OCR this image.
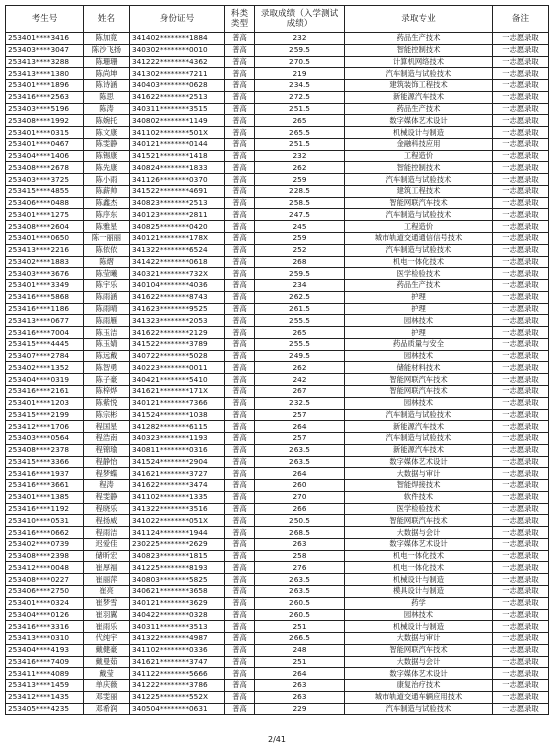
考生号	姓名	身份证号	科类类型	录取成绩（入学测试成绩）	录取专业	备注
253401****3416	陈加竟	341402********1884	普高	232	药品生产技术	一志愿录取
253403****3047	陈沙飞扬	340302********0010	普高	259.5	智能控制技术	一志愿录取
253413****3288	陈珊珊	341222********4362	普高	270.5	计算机网络技术	一志愿录取
253413****1380	陈尚坤	341302********7211	普高	219	汽车制造与试验技术	一志愿录取
253401****1896	陈诗涵	340403********0628	普高	234.5	建筑装饰工程技术	一志愿录取
253416****2563	陈思	341622********2513	普高	272.5	新能源汽车技术	一志愿录取
253403****5196	陈涛	340311********3515	普高	251.5	药品生产技术	一志愿录取
253408****1992	陈婉托	340802********1149	普高	265	数字媒体艺术设计	一志愿录取
253401****0315	陈文康	341102********501X	普高	265.5	机械设计与制造	一志愿录取
253401****0467	陈雯静	340121********0144	普高	251.5	金融科技应用	一志愿录取
253404****1406	陈锡康	341521********1418	普高	232	工程造价	一志愿录取
253408****2678	陈先康	340824********1833	普高	262	智能控制技术	一志愿录取
253403****3725	陈小雨	341126********0370	普高	259	汽车制造与试验技术	一志愿录取
253415****4855	陈薪帅	341522********4691	普高	228.5	建筑工程技术	一志愿录取
253406****0488	陈鑫杰	340823********2513	普高	258.5	智能网联汽车技术	一志愿录取
253401****1275	陈序东	340123********2811	普高	247.5	汽车制造与试验技术	一志愿录取
253408****2604	陈雅星	340825********0420	普高	245	工程造价	一志愿录取
253401****0650	陈一丽丽	340121********178X	普高	259	城市轨道交通通信信号技术	一志愿录取
253413****2216	陈依依	341322********6524	普高	252	汽车制造与试验技术	一志愿录取
253402****1883	陈熠	341422********0618	普高	268	机电一体化技术	一志愿录取
253403****3676	陈莹曦	340321********732X	普高	259.5	医学检验技术	一志愿录取
253401****3349	陈宇乐	340104********4036	普高	234	药品生产技术	一志愿录取
253416****5868	陈雨涵	341622********8743	普高	262.5	护理	一志愿录取
253416****1186	陈雨晴	341623********9525	普高	261.5	护理	一志愿录取
253413****0677	陈雨雁	341323********2053	普高	255.5	园林技术	一志愿录取
253416****7004	陈玉洁	341622********2129	普高	265	护理	一志愿录取
253415****4445	陈玉婧	341522********3789	普高	255.5	药品质量与安全	一志愿录取
253407****2784	陈远戴	340722********5028	普高	249.5	园林技术	一志愿录取
253402****1352	陈智勇	340223********0011	普高	262	储能材料技术	一志愿录取
253404****0319	陈子豪	340421********5410	普高	242	智能网联汽车技术	一志愿录取
253416****2161	陈梓烨	341621********171X	普高	267	智能网联汽车技术	一志愿录取
253401****1203	陈紫悦	340121********7366	普高	232.5	园林技术	一志愿录取
253415****2199	陈宗彬	341524********1038	普高	257	汽车制造与试验技术	一志愿录取
253412****1706	程国星	341282********6115	普高	264	新能源汽车技术	一志愿录取
253403****0564	程浩南	340323********1193	普高	257	汽车制造与试验技术	一志愿录取
253408****2378	程锦瑜	340811********0316	普高	263.5	新能源汽车技术	一志愿录取
253415****3366	程静怡	341524********2904	普高	263.5	数字媒体艺术设计	一志愿录取
253416****1937	程梦蝶	341621********3727	普高	264	大数据与审计	一志愿录取
253416****3661	程涛	341622********3474	普高	260	智能焊接技术	一志愿录取
253401****1385	程雯静	341102********1335	普高	270	软件技术	一志愿录取
253416****1192	程晓乐	341322********3516	普高	266	医学检验技术	一志愿录取
253410****0531	程扬威	341022********051X	普高	250.5	智能网联汽车技术	一志愿录取
253416****0662	程雨洁	341124********1944	普高	268.5	大数据与会计	一志愿录取
253402****0739	迟爱佳	230225********2629	普高	263	数字媒体艺术设计	一志愿录取
253408****2398	储昕宏	340823********1815	普高	258	机电一体化技术	一志愿录取
253412****0048	崔厚福	341225********8193	普高	276	机电一体化技术	一志愿录取
253408****0227	崔丽萍	340803********5825	普高	263.5	机械设计与制造	一志愿录取
253406****2750	崔亮	340621********3658	普高	263.5	模具设计与制造	一志愿录取
253401****0324	崔梦雪	340121********3629	普高	260.5	药学	一志愿录取
253404****0126	崔羽翼	340422********0328	普高	260.5	园林技术	一志愿录取
253416****3316	崔雨乐	340311********3513	普高	251	机械设计与制造	一志愿录取
253413****0310	代纯宇	341322********4987	普高	266.5	大数据与审计	一志愿录取
253404****4193	戴健豪	341102********0336	普高	248	智能网联汽车技术	一志愿录取
253416****7409	戴曼茹	341621********3747	普高	251	大数据与会计	一志愿录取
253411****4089	戴莹	341122********5666	普高	264	数字媒体艺术设计	一志愿录取
253413****1459	单庆薇	341222********3786	普高	263	康复治疗技术	一志愿录取
253412****1435	邓雯丽	341225********552X	普高	263	城市轨道交通车辆应用技术	一志愿录取
253405****4235	邓希润	340504********0631	普高	229	汽车制造与试验技术	一志愿录取
2/41
